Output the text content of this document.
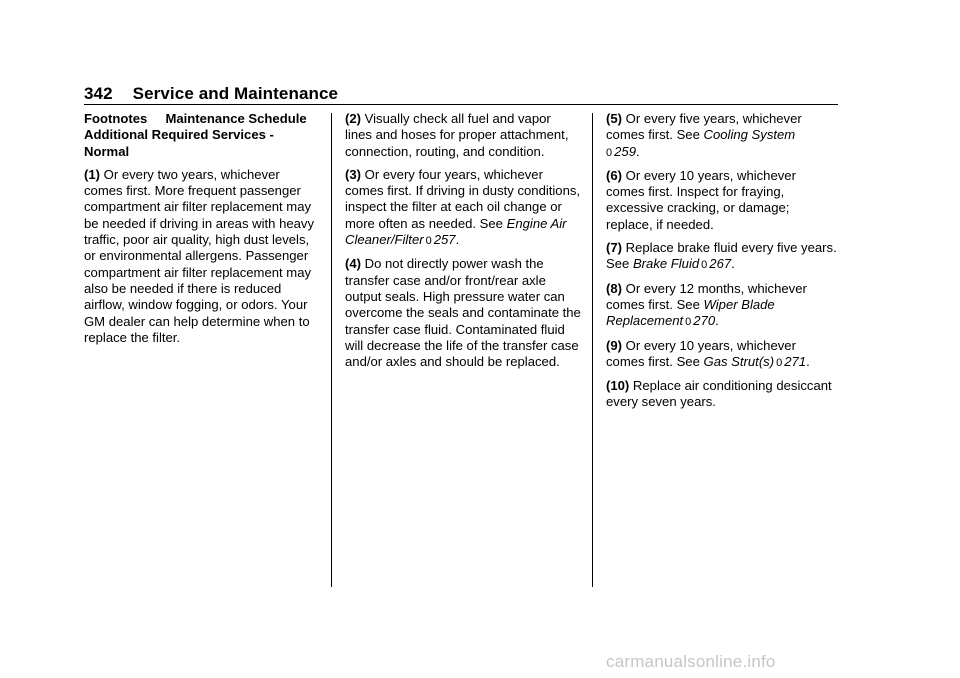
342 Service and Maintenance

Footnotes     Maintenance Schedule Additional Required Services - Normal

(1) Or every two years, whichever comes first. More frequent passenger compartment air filter replacement may be needed if driving in areas with heavy traffic, poor air quality, high dust levels, or environmental allergens. Passenger compartment air filter replacement may also be needed if there is reduced airflow, window fogging, or odors. Your GM dealer can help determine when to replace the filter.

(2) Visually check all fuel and vapor lines and hoses for proper attachment, connection, routing, and condition.

(3) Or every four years, whichever comes first. If driving in dusty conditions, inspect the filter at each oil change or more often as needed. See Engine Air Cleaner/Filter 0 257.

(4) Do not directly power wash the transfer case and/or front/rear axle output seals. High pressure water can overcome the seals and contaminate the transfer case fluid. Contaminated fluid will decrease the life of the transfer case and/or axles and should be replaced.

(5) Or every five years, whichever comes first. See Cooling System
0 259.

(6) Or every 10 years, whichever comes first. Inspect for fraying, excessive cracking, or damage; replace, if needed.

(7) Replace brake fluid every five years. See Brake Fluid 0 267.

(8) Or every 12 months, whichever comes first. See Wiper Blade Replacement 0 270.

(9) Or every 10 years, whichever comes first. See Gas Strut(s) 0 271.

(10) Replace air conditioning desiccant every seven years.

carmanualsonline.info
